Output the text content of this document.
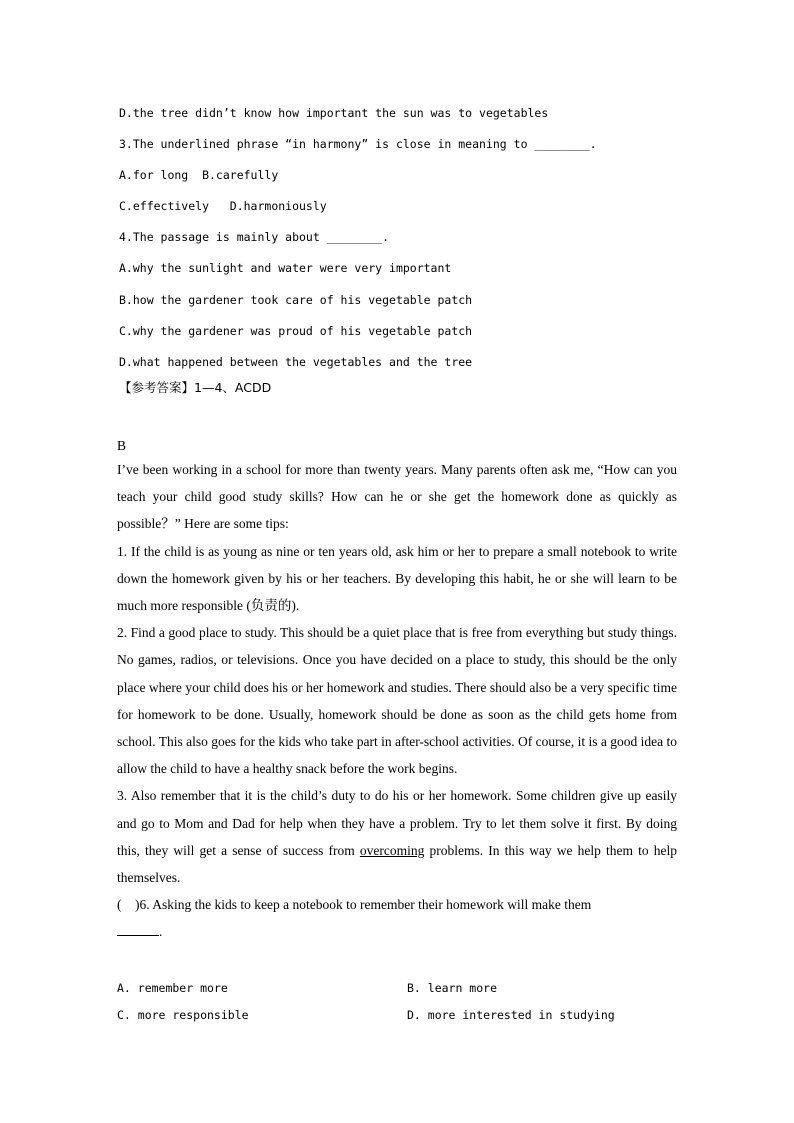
D.the tree didn’t know how important the sun was to vegetables
3.The underlined phrase “in harmony” is close in meaning to ________.
A.for long  B.carefully
C.effectively   D.harmoniously
4.The passage is mainly about ________.
A.why the sunlight and water were very important
B.how the gardener took care of his vegetable patch
C.why the gardener was proud of his vegetable patch
D.what happened between the vegetables and the tree
【参考答案】1—4、ACDD

B

I’ve been working in a school for more than twenty years. Many parents often ask me, “How can you teach your child good study skills? How can he or she get the homework done as quickly as possible？” Here are some tips:

1. If the child is as young as nine or ten years old, ask him or her to prepare a small notebook to write down the homework given by his or her teachers. By developing this habit, he or she will learn to be much more responsible (负责的).

2. Find a good place to study. This should be a quiet place that is free from everything but study things. No games, radios, or televisions. Once you have decided on a place to study, this should be the only place where your child does his or her homework and studies. There should also be a very specific time for homework to be done. Usually, homework should be done as soon as the child gets home from school. This also goes for the kids who take part in after-school activities. Of course, it is a good idea to allow the child to have a healthy snack before the work begins.

3. Also remember that it is the child’s duty to do his or her homework. Some children give up easily and go to Mom and Dad for help when they have a problem. Try to let them solve it first. By doing this, they will get a sense of success from overcoming problems. In this way we help them to help themselves.

(    )6. Asking the kids to keep a notebook to remember their homework will make them
.

A. remember more	B. learn more
C. more responsible	D. more interested in studying
